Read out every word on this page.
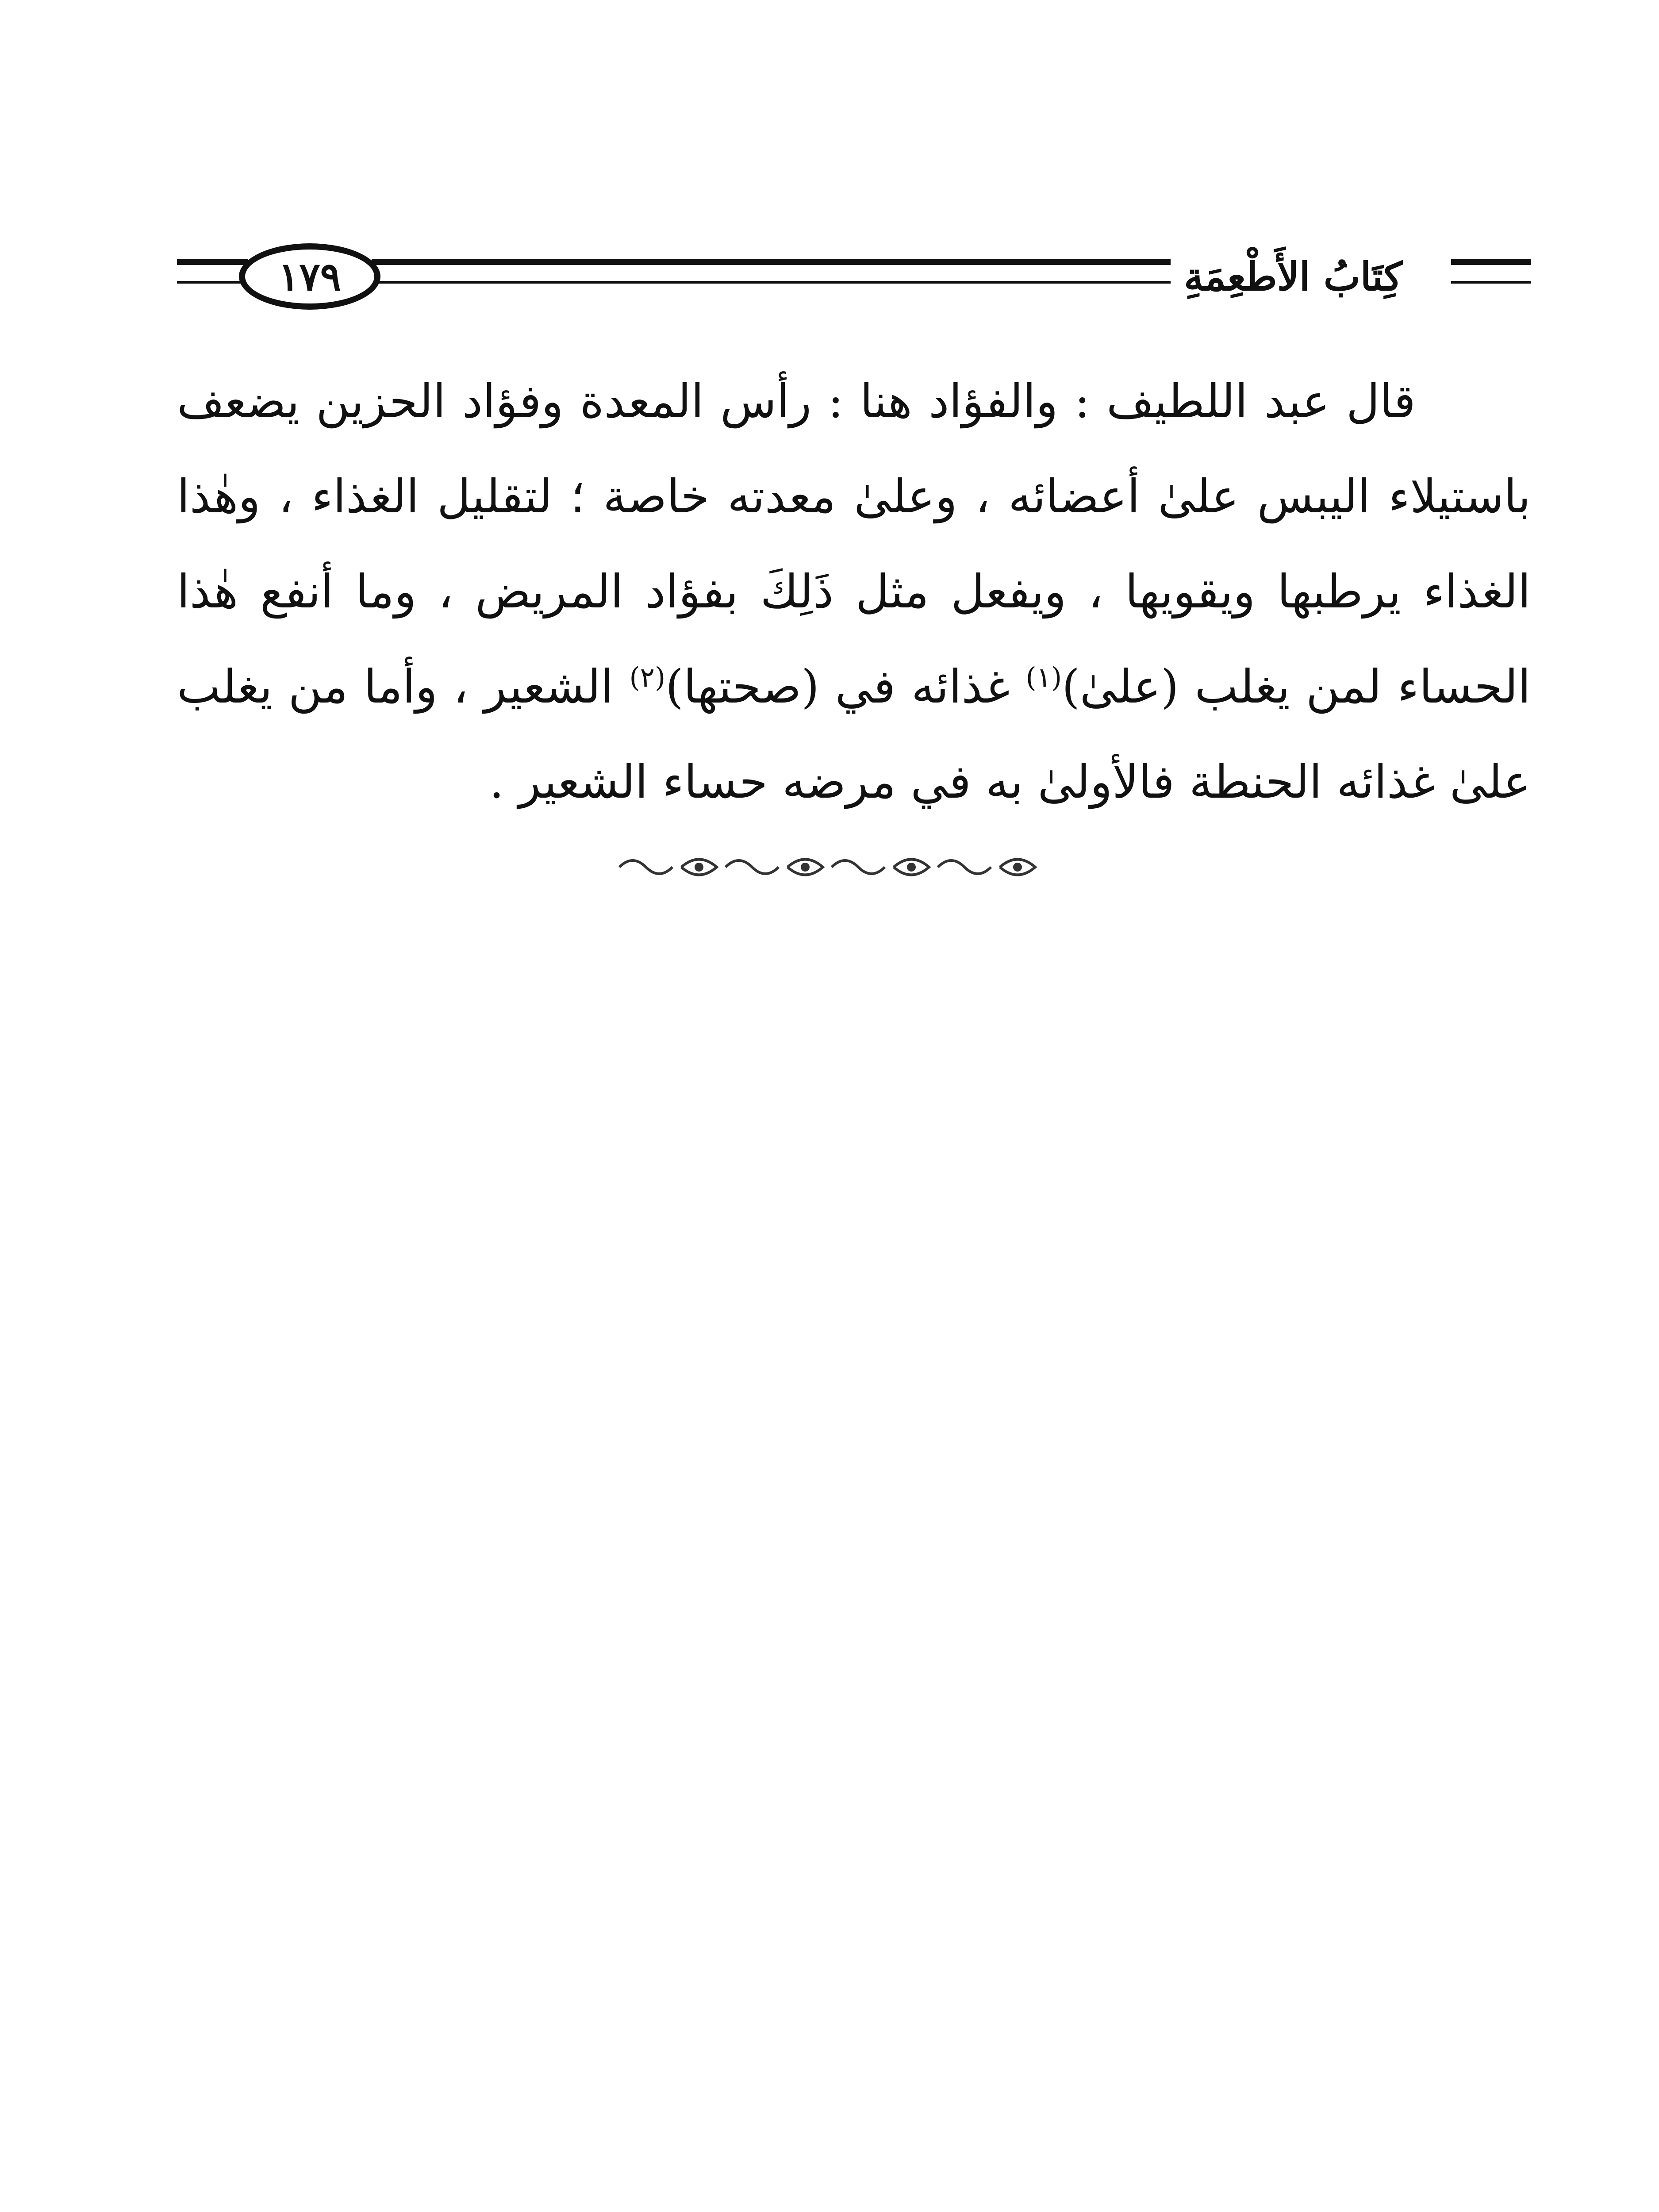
١٧٩	كِتَابُ الأَطْعِمَةِ

قال عبد اللطيف : والفؤاد هنا : رأس المعدة وفؤاد الحزين يضعف باستيلاء اليبس علىٰ أعضائه ، وعلىٰ معدته خاصة ؛ لتقليل الغذاء ، وهٰذا الغذاء يرطبها ويقويها ، ويفعل مثل ذَلِكَ بفؤاد المريض ، وما أنفع هٰذا الحساء لمن يغلب (علىٰ)$^{(١)}$ غذائه في (صحتها)$^{(٢)}$ الشعير ، وأما من يغلب علىٰ غذائه الحنطة فالأولىٰ به في مرضه حساء الشعير .
